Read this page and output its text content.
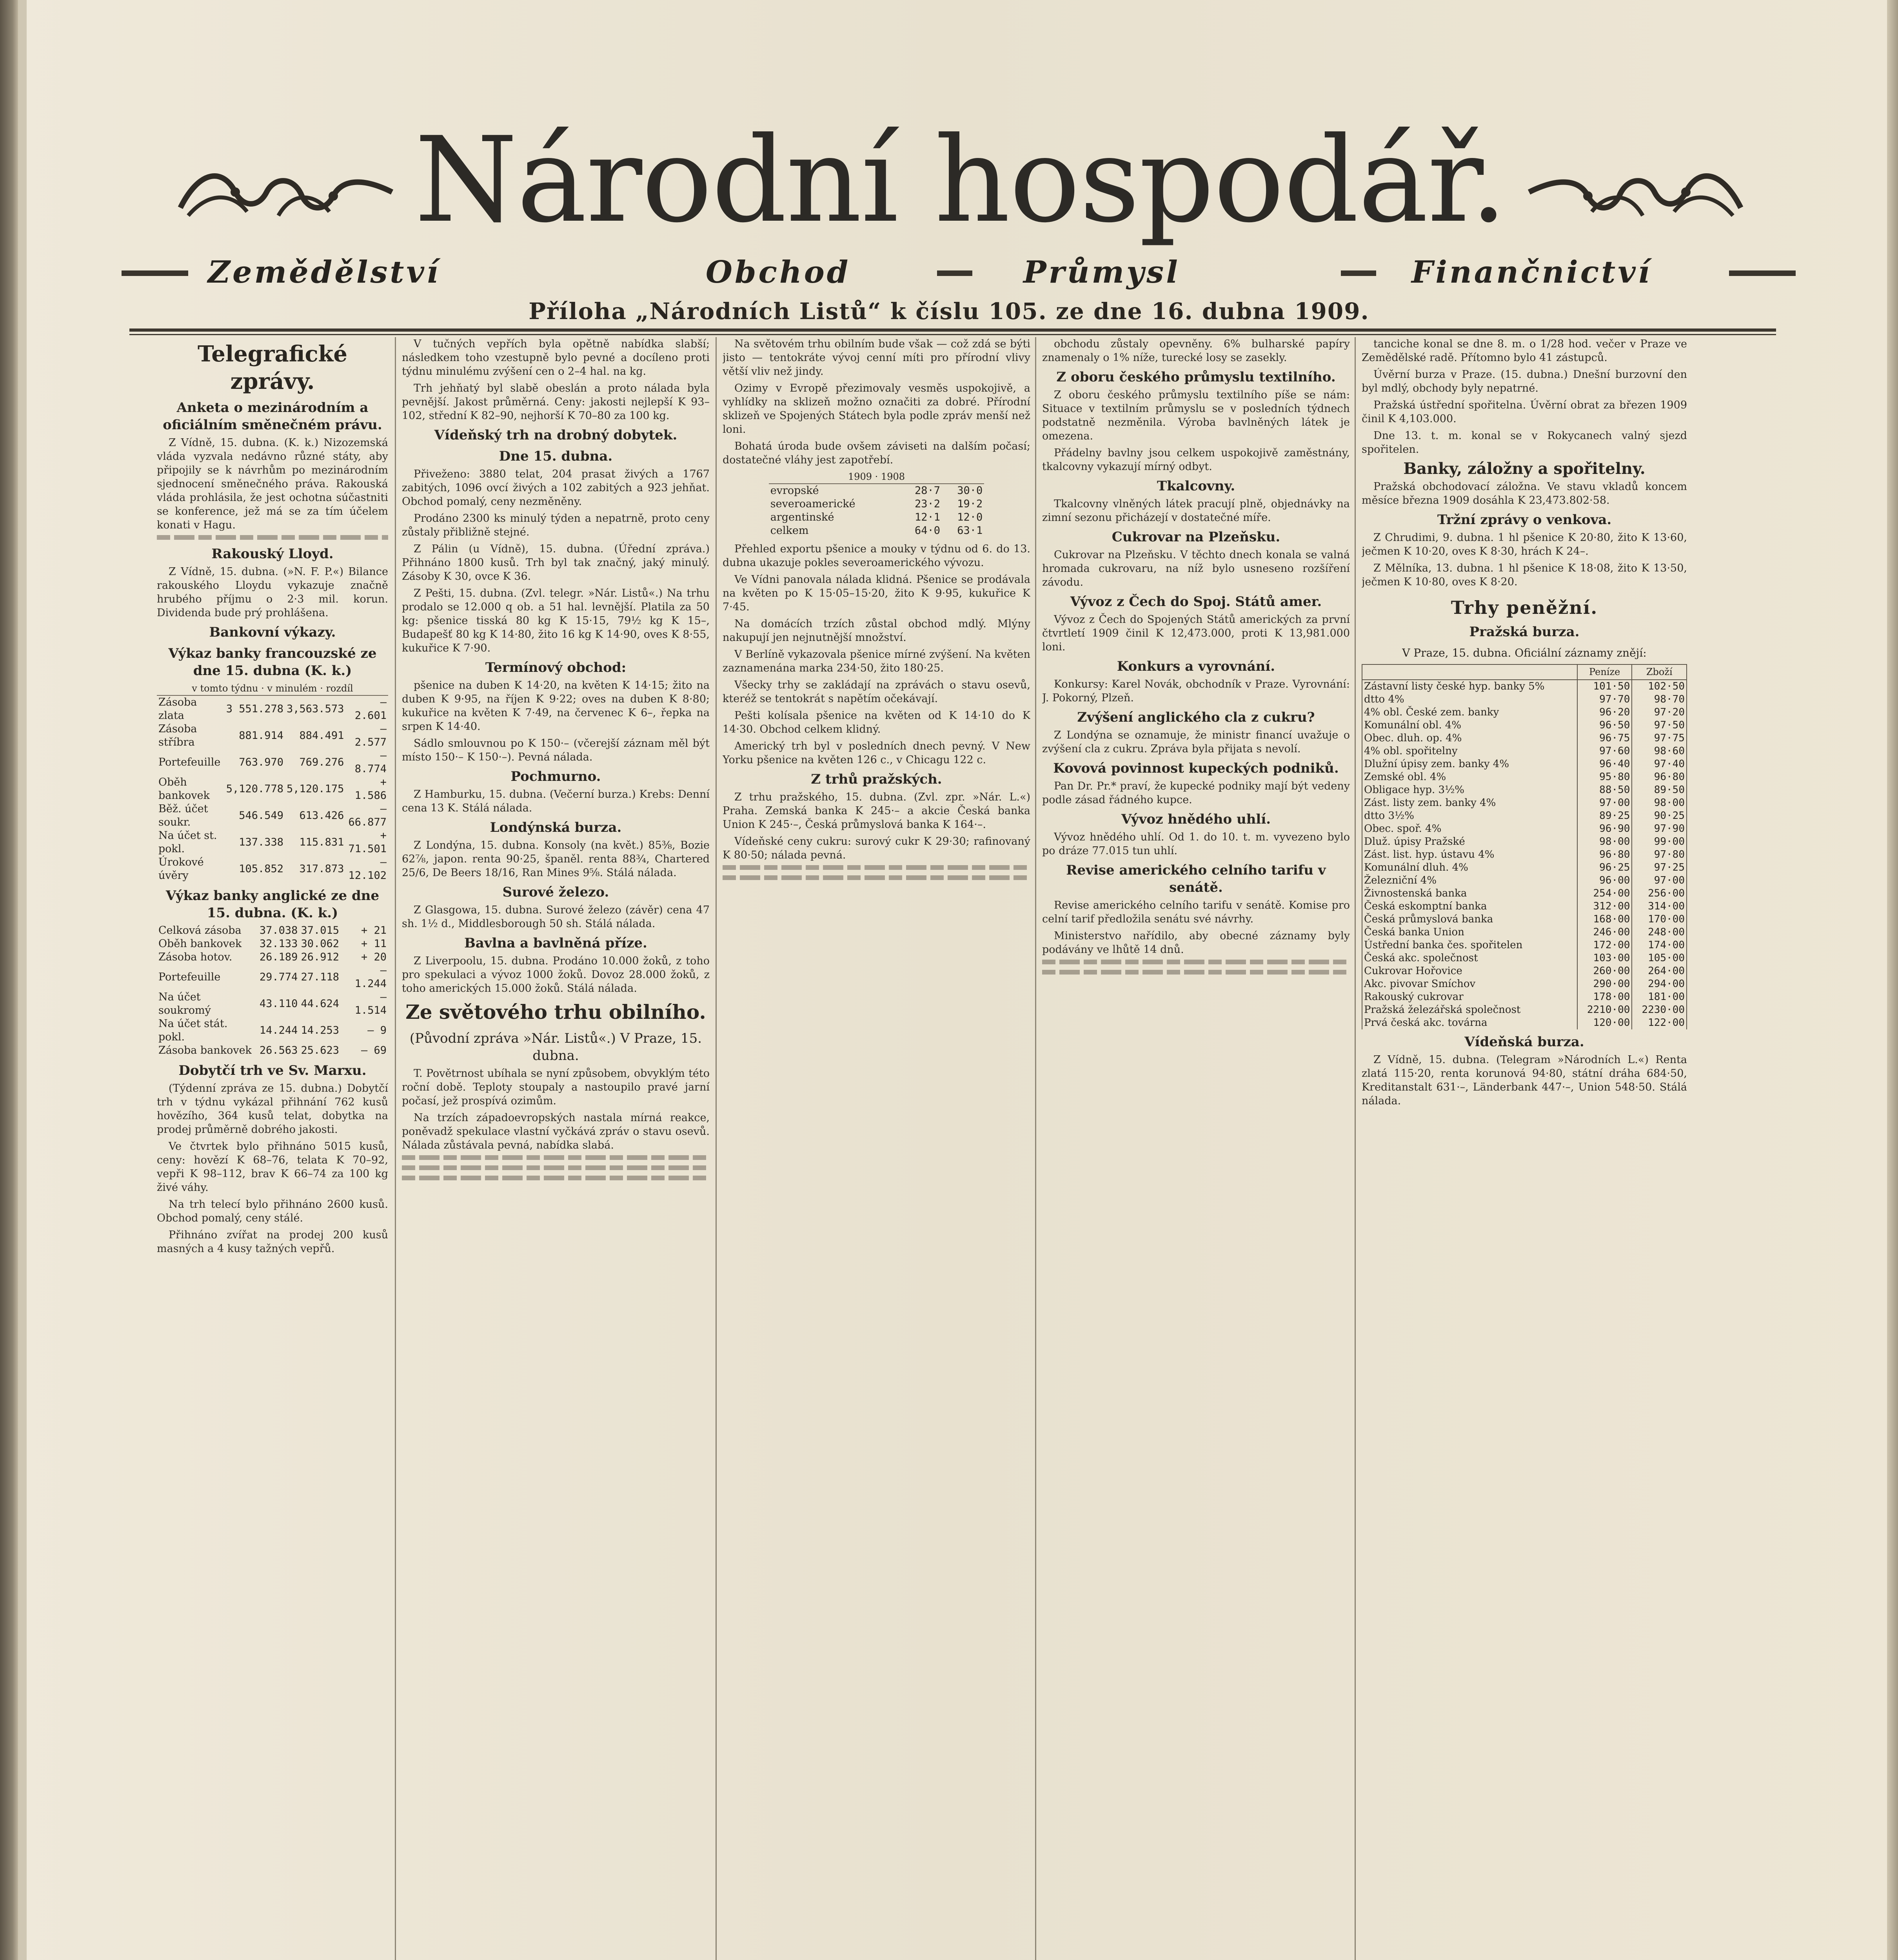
Národní hospodář.
Zemědělství	Obchod	Průmysl	Finančnictví
Příloha „Národních Listů“ k číslu 105. ze dne 16. dubna 1909.
Telegrafické zprávy.
Anketa o mezinárodním a oficiálním směnečném právu.

Z Vídně, 15. dubna. (K. k.) Nizozemská vláda vyzvala nedávno různé státy, aby připojily se k návrhům po mezinárodním sjednocení směnečného práva. Rakouská vláda prohlásila, že jest ochotna súčastniti se konference, jež má se za tím účelem konati v Hagu.

Rakouský Lloyd.

Z Vídně, 15. dubna. (»N. F. P.«) Bilance rakouského Lloydu vykazuje značně hrubého příjmu o 2·3 mil. korun. Dividenda bude prý prohlášena.

Bankovní výkazy.
Výkaz banky francouzské ze dne 15. dubna (K. k.)
v tomto týdnu · v minulém · rozdíl			
Zásoba zlata	3 551.278	3,563.573	— 2.601
Zásoba stříbra	881.914	884.491	— 2.577
Portefeuille	763.970	769.276	— 8.774
Oběh bankovek	5,120.778	5,120.175	+ 1.586
Běž. účet soukr.	546.549	613.426	— 66.877
Na účet st. pokl.	137.338	115.831	+ 71.501
Úrokové úvěry	105.852	317.873	— 12.102
Výkaz banky anglické ze dne 15. dubna. (K. k.)
Celková zásoba	37.038	37.015	+ 21
Oběh bankovek	32.133	30.062	+ 11
Zásoba hotov.	26.189	26.912	+ 20
Portefeuille	29.774	27.118	— 1.244
Na účet soukromý	43.110	44.624	— 1.514
Na účet stát. pokl.	14.244	14.253	— 9
Zásoba bankovek	26.563	25.623	— 69
Dobytčí trh ve Sv. Marxu.

(Týdenní zpráva ze 15. dubna.) Dobytčí trh v týdnu vykázal přihnání 762 kusů hovězího, 364 kusů telat, dobytka na prodej průměrně dobrého jakosti.

Ve čtvrtek bylo přihnáno 5015 kusů, ceny: hovězí K 68–76, telata K 70–92, vepři K 98–112, brav K 66–74 za 100 kg živé váhy.

Na trh telecí bylo přihnáno 2600 kusů. Obchod pomalý, ceny stálé.

Přihnáno zvířat na prodej 200 kusů masných a 4 kusy tažných vepřů.

V tučných vepřích byla opětně nabídka slabší; následkem toho vzestupně bylo pevné a docíleno proti týdnu minulému zvýšení cen o 2–4 hal. na kg.

Trh jehňatý byl slabě obeslán a proto nálada byla pevnější. Jakost průměrná. Ceny: jakosti nejlepší K 93–102, střední K 82–90, nejhorší K 70–80 za 100 kg.

Vídeňský trh na drobný dobytek.
Dne 15. dubna.

Přiveženo: 3880 telat, 204 prasat živých a 1767 zabitých, 1096 ovcí živých a 102 zabitých a 923 jehňat. Obchod pomalý, ceny nezměněny.

Prodáno 2300 ks minulý týden a nepatrně, proto ceny zůstaly přibližně stejné.

Z Pálin (u Vídně), 15. dubna. (Úřední zpráva.) Přihnáno 1800 kusů. Trh byl tak značný, jaký minulý. Zásoby K 30, ovce K 36.

Z Pešti, 15. dubna. (Zvl. telegr. »Nár. Listů«.) Na trhu prodalo se 12.000 q ob. a 51 hal. levnější. Platila za 50 kg: pšenice tisská 80 kg K 15·15, 79½ kg K 15–, Budapešť 80 kg K 14·80, žito 16 kg K 14·90, oves K 8·55, kukuřice K 7·90.

Termínový obchod:

pšenice na duben K 14·20, na květen K 14·15; žito na duben K 9·95, na říjen K 9·22; oves na duben K 8·80; kukuřice na květen K 7·49, na červenec K 6–, řepka na srpen K 14·40.

Sádlo smlouvnou po K 150·– (včerejší záznam měl být místo 150·– K 150·–). Pevná nálada.

Pochmurno.

Z Hamburku, 15. dubna. (Večerní burza.) Krebs: Denní cena 13 K. Stálá nálada.

Londýnská burza.

Z Londýna, 15. dubna. Konsoly (na květ.) 85⅜, Bozie 62⅞, japon. renta 90·25, španěl. renta 88¾, Chartered 25/6, De Beers 18/16, Ran Mines 9⅝. Stálá nálada.

Surové železo.

Z Glasgowa, 15. dubna. Surové železo (závěr) cena 47 sh. 1½ d., Middlesborough 50 sh. Stálá nálada.

Bavlna a bavlněná příze.

Z Liverpoolu, 15. dubna. Prodáno 10.000 žoků, z toho pro spekulaci a vývoz 1000 žoků. Dovoz 28.000 žoků, z toho amerických 15.000 žoků. Stálá nálada.

Ze světového trhu obilního.
(Původní zpráva »Nár. Listů«.) V Praze, 15. dubna.

T. Povětrnost ubíhala se nyní způsobem, obvyklým této roční době. Teploty stoupaly a nastoupilo pravé jarní počasí, jež prospívá ozimům.

Na trzích západoevropských nastala mírná reakce, poněvadž spekulace vlastní vyčkává zpráv o stavu osevů. Nálada zůstávala pevná, nabídka slabá.

Na světovém trhu obilním bude však — což zdá se býti jisto — tentokráte vývoj cenní míti pro přírodní vlivy větší vliv než jindy.

Ozimy v Evropě přezimovaly vesměs uspokojivě, a vyhlídky na sklizeň možno označiti za dobré. Přírodní sklizeň ve Spojených Státech byla podle zpráv menší než loni.

Bohatá úroda bude ovšem záviseti na dalším počasí; dostatečné vláhy jest zapotřebí.

1909 · 1908		
evropské	28·7	30·0
severoamerické	23·2	19·2
argentinské	12·1	12·0
celkem	64·0	63·1

Přehled exportu pšenice a mouky v týdnu od 6. do 13. dubna ukazuje pokles severoamerického vývozu.

Ve Vídni panovala nálada klidná. Pšenice se prodávala na květen po K 15·05–15·20, žito K 9·95, kukuřice K 7·45.

Na domácích trzích zůstal obchod mdlý. Mlýny nakupují jen nejnutnější množství.

V Berlíně vykazovala pšenice mírné zvýšení. Na květen zaznamenána marka 234·50, žito 180·25.

Všecky trhy se zakládají na zprávách o stavu osevů, kteréž se tentokrát s napětím očekávají.

Pešti kolísala pšenice na květen od K 14·10 do K 14·30. Obchod celkem klidný.

Americký trh byl v posledních dnech pevný. V New Yorku pšenice na květen 126 c., v Chicagu 122 c.

Z trhů pražských.

Z trhu pražského, 15. dubna. (Zvl. zpr. »Nár. L.«) Praha. Zemská banka K 245·– a akcie Česká banka Union K 245·–, Česká průmyslová banka K 164·–.

Vídeňské ceny cukru: surový cukr K 29·30; rafinovaný K 80·50; nálada pevná.

obchodu zůstaly opevněny. 6% bulharské papíry znamenaly o 1% níže, turecké losy se zasekly.

Z oboru českého průmyslu textilního.

Z oboru českého průmyslu textilního píše se nám: Situace v textilním průmyslu se v posledních týdnech podstatně nezměnila. Výroba bavlněných látek je omezena.

Přádelny bavlny jsou celkem uspokojivě zaměstnány, tkalcovny vykazují mírný odbyt.

Tkalcovny.

Tkalcovny vlněných látek pracují plně, objednávky na zimní sezonu přicházejí v dostatečné míře.

Cukrovar na Plzeňsku.

Cukrovar na Plzeňsku. V těchto dnech konala se valná hromada cukrovaru, na níž bylo usneseno rozšíření závodu.

Vývoz z Čech do Spoj. Států amer.

Vývoz z Čech do Spojených Států amerických za první čtvrtletí 1909 činil K 12,473.000, proti K 13,981.000 loni.

Konkurs a vyrovnání.

Konkursy: Karel Novák, obchodník v Praze. Vyrovnání: J. Pokorný, Plzeň.

Zvýšení anglického cla z cukru?

Z Londýna se oznamuje, že ministr financí uvažuje o zvýšení cla z cukru. Zpráva byla přijata s nevolí.

Kovová povinnost kupeckých podniků.

Pan Dr. Pr.* praví, že kupecké podniky mají být vedeny podle zásad řádného kupce.

Vývoz hnědého uhlí.

Vývoz hnědého uhlí. Od 1. do 10. t. m. vyvezeno bylo po dráze 77.015 tun uhlí.

Revise amerického celního tarifu v senátě.

Revise amerického celního tarifu v senátě. Komise pro celní tarif předložila senátu své návrhy.

Ministerstvo nařídilo, aby obecné záznamy byly podávány ve lhůtě 14 dnů.

tanciche konal se dne 8. m. o 1/28 hod. večer v Praze ve Zemědělské radě. Přítomno bylo 41 zástupců.

Úvěrní burza v Praze. (15. dubna.) Dnešní burzovní den byl mdlý, obchody byly nepatrné.

Pražská ústřední spořitelna. Úvěrní obrat za březen 1909 činil K 4,103.000.

Dne 13. t. m. konal se v Rokycanech valný sjezd spořitelen.

Banky, záložny a spořitelny.

Pražská obchodovací záložna. Ve stavu vkladů koncem měsíce března 1909 dosáhla K 23,473.802·58.

Tržní zprávy o venkova.

Z Chrudimi, 9. dubna. 1 hl pšenice K 20·80, žito K 13·60, ječmen K 10·20, oves K 8·30, hrách K 24–.

Z Mělníka, 13. dubna. 1 hl pšenice K 18·08, žito K 13·50, ječmen K 10·80, oves K 8·20.

Trhy peněžní.
Pražská burza.
V Praze, 15. dubna. Oficiální záznamy znějí:
	Peníze	Zboží
Zástavní listy české hyp. banky 5%	101·50	102·50
dtto 4%	97·70	98·70
4% obl. České zem. banky	96·20	97·20
Komunální obl. 4%	96·50	97·50
Obec. dluh. op. 4%	96·75	97·75
4% obl. spořitelny	97·60	98·60
Dlužní úpisy zem. banky 4%	96·40	97·40
Zemské obl. 4%	95·80	96·80
Obligace hyp. 3½%	88·50	89·50
Zást. listy zem. banky 4%	97·00	98·00
dtto 3½%	89·25	90·25
Obec. spoř. 4%	96·90	97·90
Dluž. úpisy Pražské	98·00	99·00
Zást. list. hyp. ústavu 4%	96·80	97·80
Komunální dluh. 4%	96·25	97·25
Železniční 4%	96·00	97·00
Živnostenská banka	254·00	256·00
Česká eskomptní banka	312·00	314·00
Česká průmyslová banka	168·00	170·00
Česká banka Union	246·00	248·00
Ústřední banka čes. spořitelen	172·00	174·00
Česká akc. společnost	103·00	105·00
Cukrovar Hořovice	260·00	264·00
Akc. pivovar Smíchov	290·00	294·00
Rakouský cukrovar	178·00	181·00
Pražská železářská společnost	2210·00	2230·00
Prvá česká akc. továrna	120·00	122·00
Vídeňská burza.

Z Vídně, 15. dubna. (Telegram »Národních L.«) Renta zlatá 115·20, renta korunová 94·80, státní dráha 684·50, Kreditanstalt 631·–, Länderbank 447·–, Union 548·50. Stálá nálada.
